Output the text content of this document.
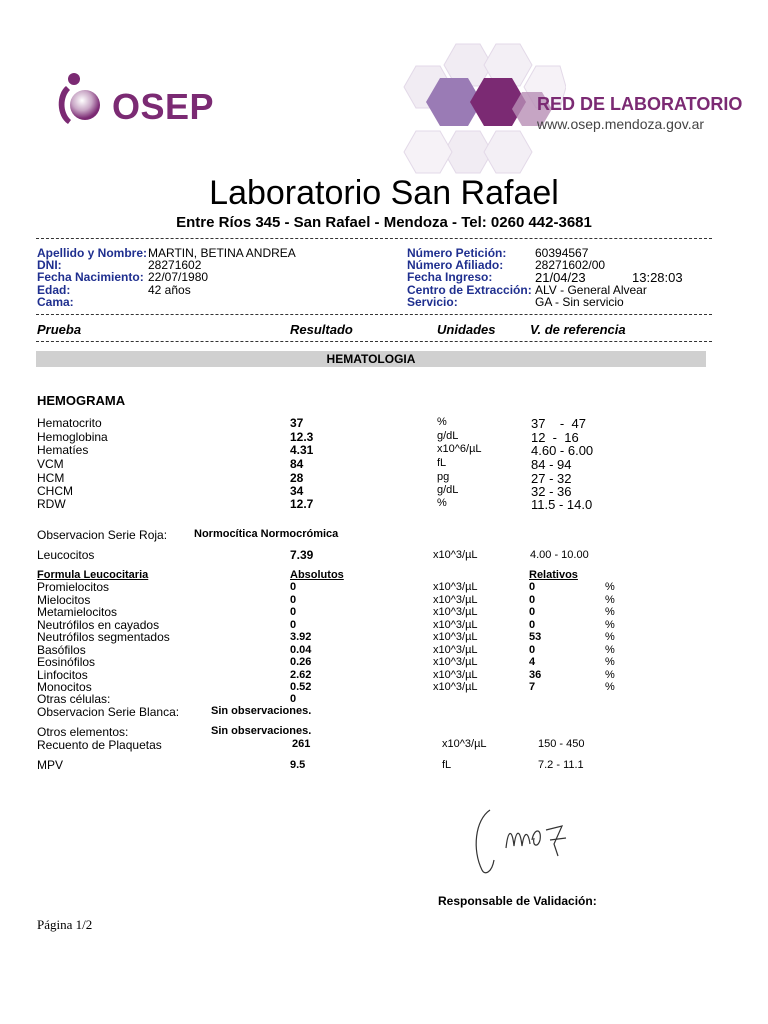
OSEP	RED DE LABORATORIO
www.osep.mendoza.gov.ar
Laboratorio San Rafael
Entre Ríos 345 - San Rafael - Mendoza - Tel: 0260 442-3681
Apellido y Nombre: MARTIN, BETINA ANDREA
DNI:	28271602
Fecha Nacimiento: 22/07/1980
Edad:	42 años
Cama:
Número Petición: 60394567
Número Afiliado:	28271602/00
Fecha Ingreso:	21/04/23	13:28:03
Centro de Extracción: ALV - General Alvear
Servicio:	GA - Sin servicio
Prueba	Resultado	Unidades	V. de referencia
HEMATOLOGIA
HEMOGRAMA
Hematocrito	37	%	37    -  47
Hemoglobina	12.3	g/dL	12  -  16
Hematíes	4.31	x10^6/µL	4.60 - 6.00
VCM	84	fL	84 - 94
HCM	28	pg	27 - 32
CHCM	34	g/dL	32 - 36
RDW	12.7	%	11.5 - 14.0
Observacion Serie Roja: Normocítica Normocrómica
Leucocitos	7.39	x10^3/µL	4.00 - 10.00
Formula Leucocitaria	Absolutos	Relativos
Promielocitos	0	x10^3/µL	0	%
Mielocitos	0	x10^3/µL	0	%
Metamielocitos	0	x10^3/µL	0	%
Neutrófilos en cayados	0	x10^3/µL	0	%
Neutrófilos segmentados	3.92	x10^3/µL	53	%
Basófilos	0.04	x10^3/µL	0	%
Eosinófilos	0.26	x10^3/µL	4	%
Linfocitos	2.62	x10^3/µL	36	%
Monocitos	0.52	x10^3/µL	7	%
Otras células:	0
Observacion Serie Blanca:	Sin observaciones.
Otros elementos:	Sin observaciones.
Recuento de Plaquetas	261	x10^3/µL	150 - 450
MPV	9.5	fL	7.2 - 11.1
Responsable de Validación:
Página 1/2
